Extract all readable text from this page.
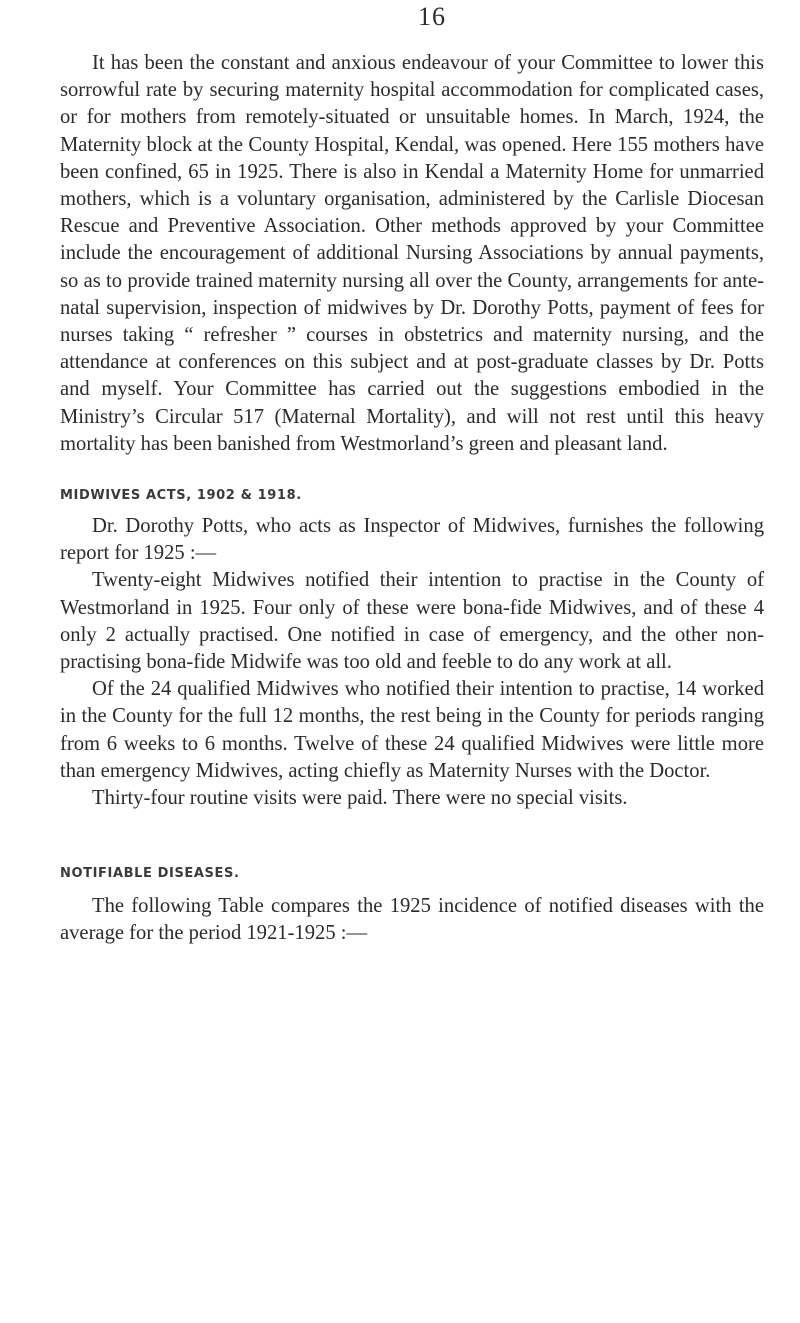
16

It has been the constant and anxious endeavour of your Committee to lower this sorrowful rate by securing maternity hospital accommodation for complicated cases, or for mothers from remotely-situated or unsuitable homes. In March, 1924, the Maternity block at the County Hospital, Kendal, was opened. Here 155 mothers have been confined, 65 in 1925. There is also in Kendal a Maternity Home for unmarried mothers, which is a voluntary organisation, administered by the Carlisle Diocesan Rescue and Preventive Association. Other methods approved by your Committee include the encouragement of additional Nursing Associations by annual payments, so as to provide trained maternity nursing all over the County, arrangements for ante-natal supervision, inspection of midwives by Dr. Dorothy Potts, payment of fees for nurses taking “ refresher ” courses in obstetrics and maternity nursing, and the attendance at conferences on this subject and at post-graduate classes by Dr. Potts and myself. Your Committee has carried out the suggestions embodied in the Ministry’s Circular 517 (Maternal Mortality), and will not rest until this heavy mortality has been banished from Westmorland’s green and pleasant land.

MIDWIVES ACTS, 1902 & 1918.

Dr. Dorothy Potts, who acts as Inspector of Midwives, furnishes the following report for 1925 :—

Twenty-eight Midwives notified their intention to practise in the County of Westmorland in 1925. Four only of these were bona-fide Midwives, and of these 4 only 2 actually practised. One notified in case of emergency, and the other non-practising bona-fide Midwife was too old and feeble to do any work at all.

Of the 24 qualified Midwives who notified their intention to practise, 14 worked in the County for the full 12 months, the rest being in the County for periods ranging from 6 weeks to 6 months. Twelve of these 24 qualified Midwives were little more than emergency Midwives, acting chiefly as Maternity Nurses with the Doctor.

Thirty-four routine visits were paid. There were no special visits.

NOTIFIABLE DISEASES.

The following Table compares the 1925 incidence of notified diseases with the average for the period 1921-1925 :—
